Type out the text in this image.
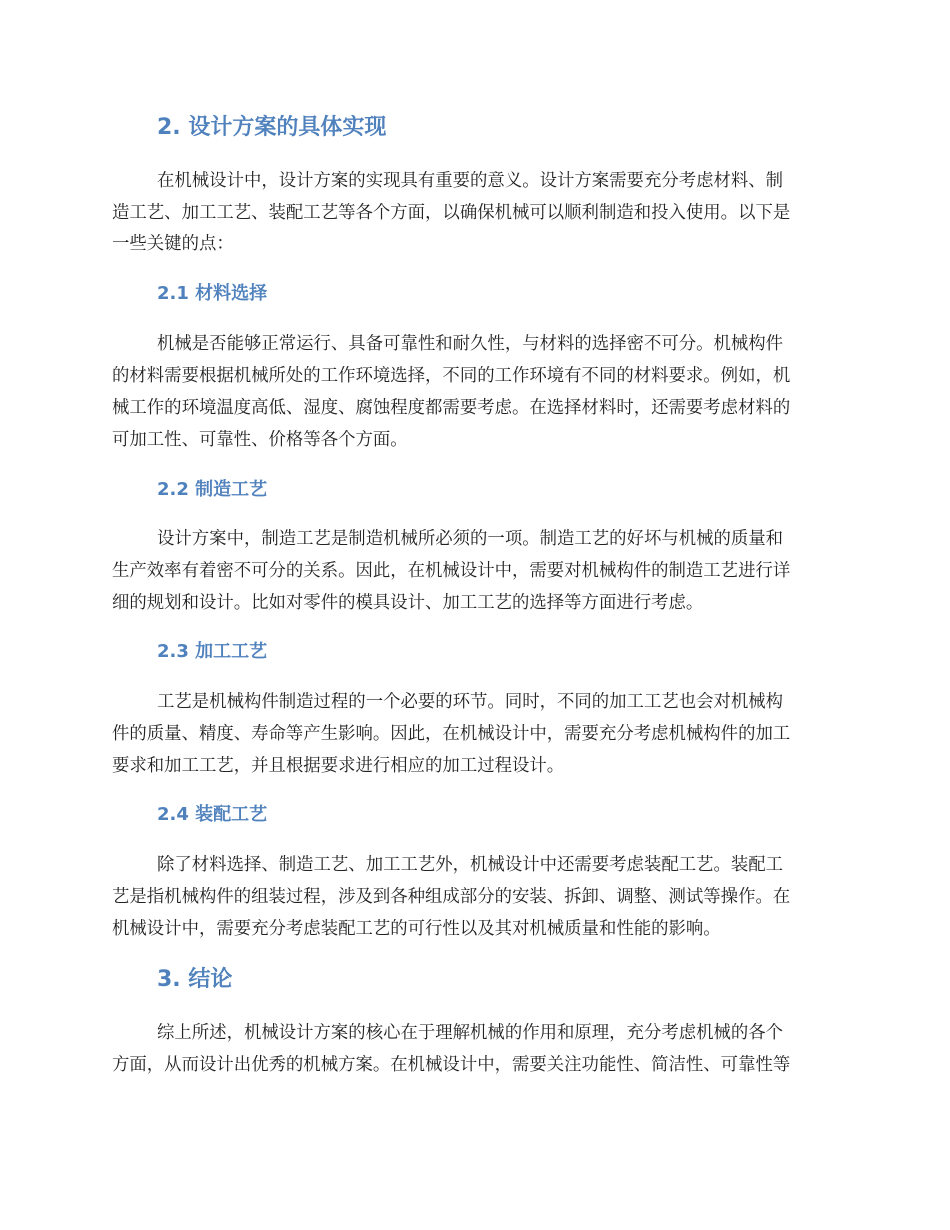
2. 设计方案的具体实现

在机械设计中，设计方案的实现具有重要的意义。设计方案需要充分考虑材料、制

造工艺、加工工艺、装配工艺等各个方面，以确保机械可以顺利制造和投入使用。以下是

一些关键的点：

2.1 材料选择

机械是否能够正常运行、具备可靠性和耐久性，与材料的选择密不可分。机械构件

的材料需要根据机械所处的工作环境选择，不同的工作环境有不同的材料要求。例如，机

械工作的环境温度高低、湿度、腐蚀程度都需要考虑。在选择材料时，还需要考虑材料的

可加工性、可靠性、价格等各个方面。

2.2 制造工艺

设计方案中，制造工艺是制造机械所必须的一项。制造工艺的好坏与机械的质量和

生产效率有着密不可分的关系。因此，在机械设计中，需要对机械构件的制造工艺进行详

细的规划和设计。比如对零件的模具设计、加工工艺的选择等方面进行考虑。

2.3 加工工艺

工艺是机械构件制造过程的一个必要的环节。同时，不同的加工工艺也会对机械构

件的质量、精度、寿命等产生影响。因此，在机械设计中，需要充分考虑机械构件的加工

要求和加工工艺，并且根据要求进行相应的加工过程设计。

2.4 装配工艺

除了材料选择、制造工艺、加工工艺外，机械设计中还需要考虑装配工艺。装配工

艺是指机械构件的组装过程，涉及到各种组成部分的安装、拆卸、调整、测试等操作。在

机械设计中，需要充分考虑装配工艺的可行性以及其对机械质量和性能的影响。

3. 结论

综上所述，机械设计方案的核心在于理解机械的作用和原理，充分考虑机械的各个

方面，从而设计出优秀的机械方案。在机械设计中，需要关注功能性、简洁性、可靠性等
